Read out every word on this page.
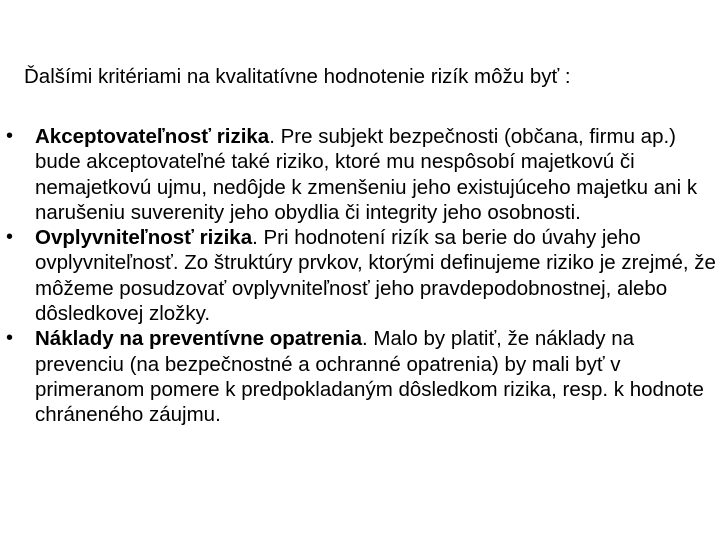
Ďalšími kritériami na kvalitatívne hodnotenie rizík môžu byť :
• Akceptovateľnosť rizika. Pre subjekt bezpečnosti (občana, firmu ap.) bude akceptovateľné také riziko, ktoré mu nespôsobí majetkovú či nemajetkovú ujmu, nedôjde k zmenšeniu jeho existujúceho majetku ani k narušeniu suverenity jeho obydlia či integrity jeho osobnosti.
• Ovplyvniteľnosť rizika. Pri hodnotení rizík sa berie do úvahy jeho ovplyvniteľnosť. Zo štruktúry prvkov, ktorými definujeme riziko je zrejmé, že môžeme posudzovať ovplyvniteľnosť jeho pravdepodobnostnej, alebo dôsledkovej zložky.
• Náklady na preventívne opatrenia. Malo by platiť, že náklady na prevenciu (na bezpečnostné a ochranné opatrenia) by mali byť v primeranom pomere k predpokladaným dôsledkom rizika, resp. k hodnote chráneného záujmu.
